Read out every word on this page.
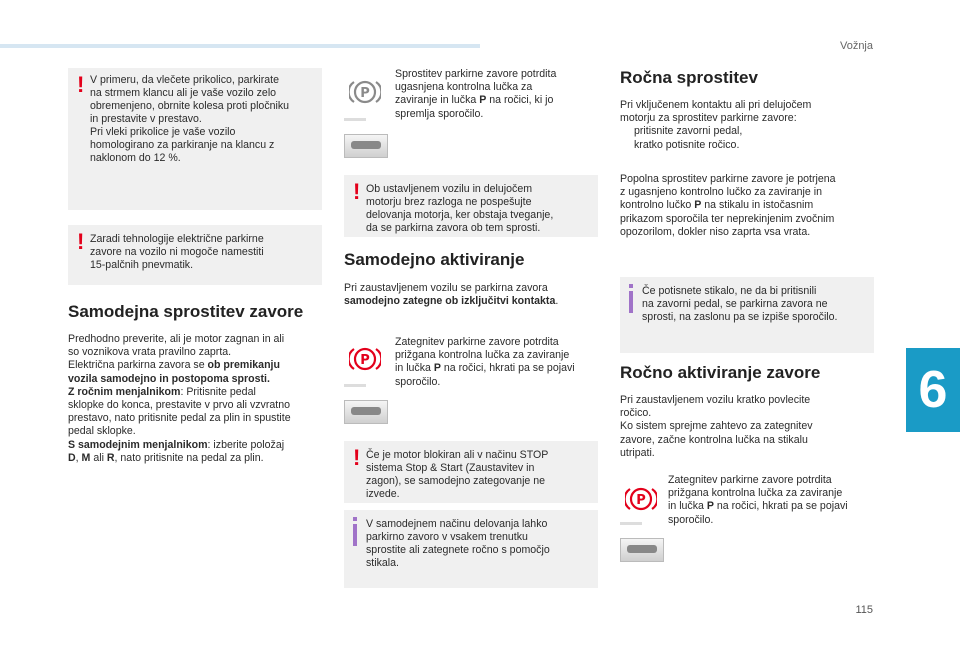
Vožnja
6
115
! V primeru, da vlečete prikolico, parkirate

na strmem klancu ali je vaše vozilo zelo

obremenjeno, obrnite kolesa proti pločniku

in prestavite v prestavo.

Pri vleki prikolice je vaše vozilo

homologirano za parkiranje na klancu z

naklonom do 12 %.

! Zaradi tehnologije električne parkirne

zavore na vozilo ni mogoče namestiti

15-palčnih pnevmatik.

Samodejna sprostitev zavore
Predhodno preverite, ali je motor zagnan in ali
so voznikova vrata pravilno zaprta.
Električna parkirna zavora se ob premikanju
vozila samodejno in postopoma sprosti.
Z ročnim menjalnikom: Pritisnite pedal
sklopke do konca, prestavite v prvo ali vzvratno
prestavo, nato pritisnite pedal za plin in spustite
pedal sklopke.
S samodejnim menjalnikom: izberite položaj
D, M ali R, nato pritisnite na pedal za plin.
P
Sprostitev parkirne zavore potrdita
ugasnjena kontrolna lučka za
zaviranje in lučka P na ročici, ki jo
spremlja sporočilo.
! Ob ustavljenem vozilu in delujočem

motorju brez razloga ne pospešujte

delovanja motorja, ker obstaja tveganje,

da se parkirna zavora ob tem sprosti.

Samodejno aktiviranje
Pri zaustavljenem vozilu se parkirna zavora
samodejno zategne ob izključitvi kontakta.
P
Zategnitev parkirne zavore potrdita
prižgana kontrolna lučka za zaviranje
in lučka P na ročici, hkrati pa se pojavi
sporočilo.
! Če je motor blokiran ali v načinu STOP

sistema Stop & Start (Zaustavitev in

zagon), se samodejno zategovanje ne

izvede.

V samodejnem načinu delovanja lahko

parkirno zavoro v vsakem trenutku

sprostite ali zategnete ročno s pomočjo

stikala.

Ročna sprostitev
Pri vključenem kontaktu ali pri delujočem
motorju za sprostitev parkirne zavore:
pritisnite zavorni pedal,
kratko potisnite ročico.
Popolna sprostitev parkirne zavore je potrjena
z ugasnjeno kontrolno lučko za zaviranje in
kontrolno lučko P na stikalu in istočasnim
prikazom sporočila ter neprekinjenim zvočnim
opozorilom, dokler niso zaprta vsa vrata.

Če potisnete stikalo, ne da bi pritisnili

na zavorni pedal, se parkirna zavora ne

sprosti, na zaslonu pa se izpiše sporočilo.

Ročno aktiviranje zavore
Pri zaustavljenem vozilu kratko povlecite
ročico.
Ko sistem sprejme zahtevo za zategnitev
zavore, začne kontrolna lučka na stikalu
utripati.
P
Zategnitev parkirne zavore potrdita
prižgana kontrolna lučka za zaviranje
in lučka P na ročici, hkrati pa se pojavi
sporočilo.
